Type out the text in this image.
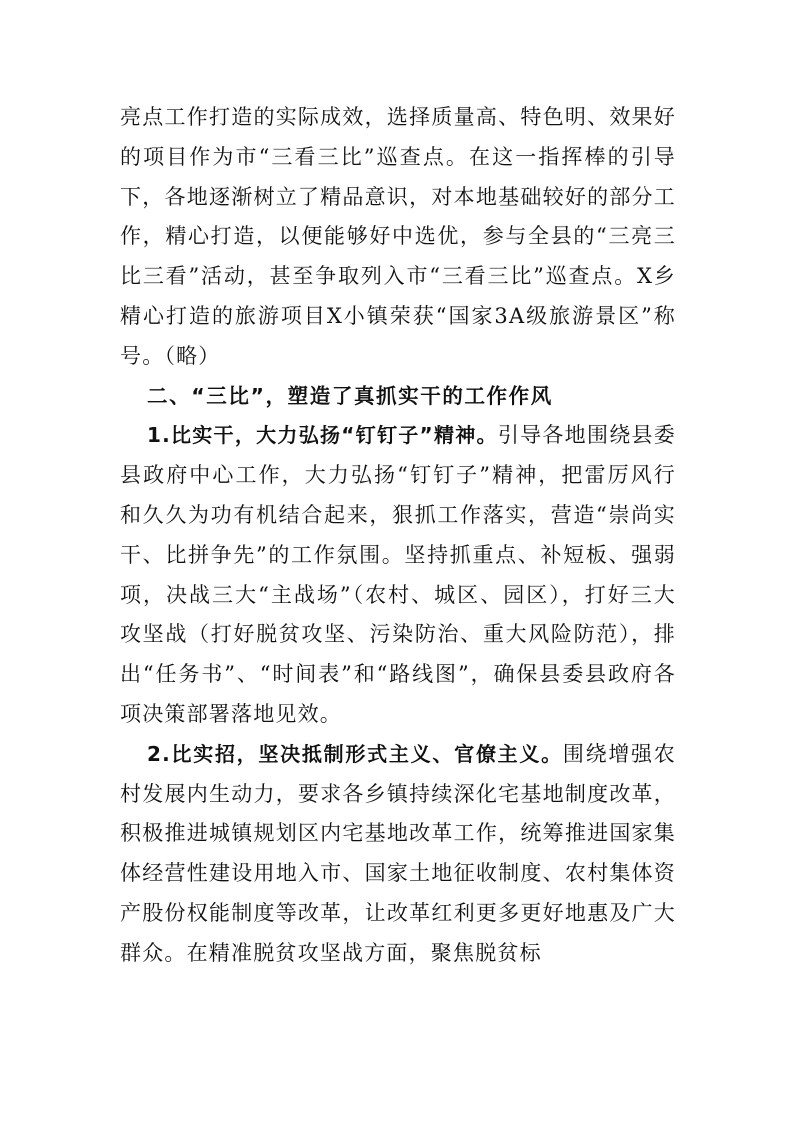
亮点工作打造的实际成效，选择质量高、特色明、效果好的项目作为市“三看三比”巡查点。在这一指挥棒的引导下，各地逐渐树立了精品意识，对本地基础较好的部分工作，精心打造，以便能够好中选优，参与全县的“三亮三比三看”活动，甚至争取列入市“三看三比”巡查点。X乡精心打造的旅游项目X小镇荣获“国家3A级旅游景区”称号。（略）

二、“三比”，塑造了真抓实干的工作作风

1.比实干，大力弘扬“钉钉子”精神。引导各地围绕县委县政府中心工作，大力弘扬“钉钉子”精神，把雷厉风行和久久为功有机结合起来，狠抓工作落实，营造“崇尚实干、比拼争先”的工作氛围。坚持抓重点、补短板、强弱项，决战三大“主战场”（农村、城区、园区），打好三大攻坚战（打好脱贫攻坚、污染防治、重大风险防范），排出“任务书”、“时间表”和“路线图”，确保县委县政府各项决策部署落地见效。

2.比实招，坚决抵制形式主义、官僚主义。围绕增强农村发展内生动力，要求各乡镇持续深化宅基地制度改革，积极推进城镇规划区内宅基地改革工作，统筹推进国家集体经营性建设用地入市、国家土地征收制度、农村集体资产股份权能制度等改革，让改革红利更多更好地惠及广大群众。在精准脱贫攻坚战方面，聚焦脱贫标
